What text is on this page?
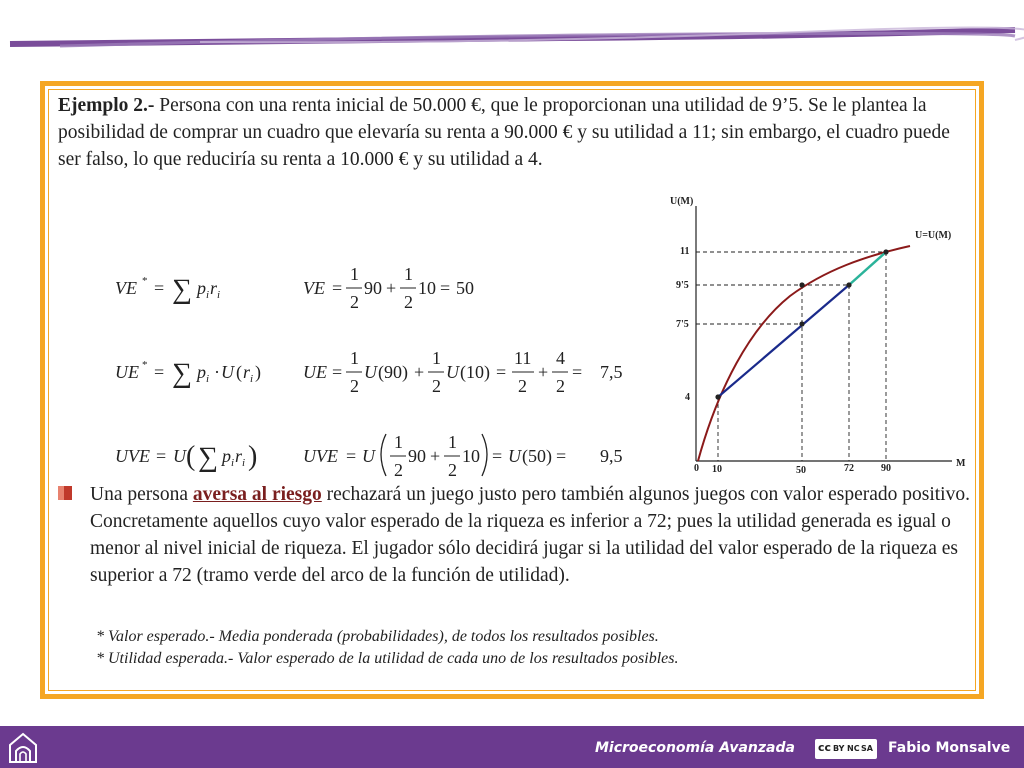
Ejemplo 2.- Persona con una renta inicial de 50.000 €, que le proporcionan una utilidad de 9’5. Se le plantea la posibilidad de comprar un cuadro que elevaría su renta a 90.000 € y su utilidad a 11; sin embargo, el cuadro puede ser falso, lo que reduciría su renta a 10.000 € y su utilidad a 4.

VE * = ∑ p i r i	VE =
1
2
90 +
1
2
10 = 50
UE * = ∑ p i · U ( r i ) UE =
1
2
U (90) +
1
2
U (10) =
11
2
+
4
2
= 7,5
UVE = U ( ∑ p i r i )	UVE = U
1
2
90 +
1
2
10 = U (50) = 9,5
U(M)
M
U=U(M)
11
9'5
7'5
4
0 10	50	72	90

Una persona aversa al riesgo rechazará un juego justo pero también algunos juegos con valor esperado positivo. Concretamente aquellos cuyo valor esperado de la riqueza es inferior a 72; pues la utilidad generada es igual o menor al nivel inicial de riqueza. El jugador sólo decidirá jugar si la utilidad del valor esperado de la riqueza es superior a 72 (tramo verde del arco de la función de utilidad).

* Valor esperado.- Media ponderada (probabilidades), de todos los resultados posibles.
* Utilidad esperada.- Valor esperado de la utilidad de cada uno de los resultados posibles.
Microeconomía Avanzada cc BY NC SA Fabio Monsalve
